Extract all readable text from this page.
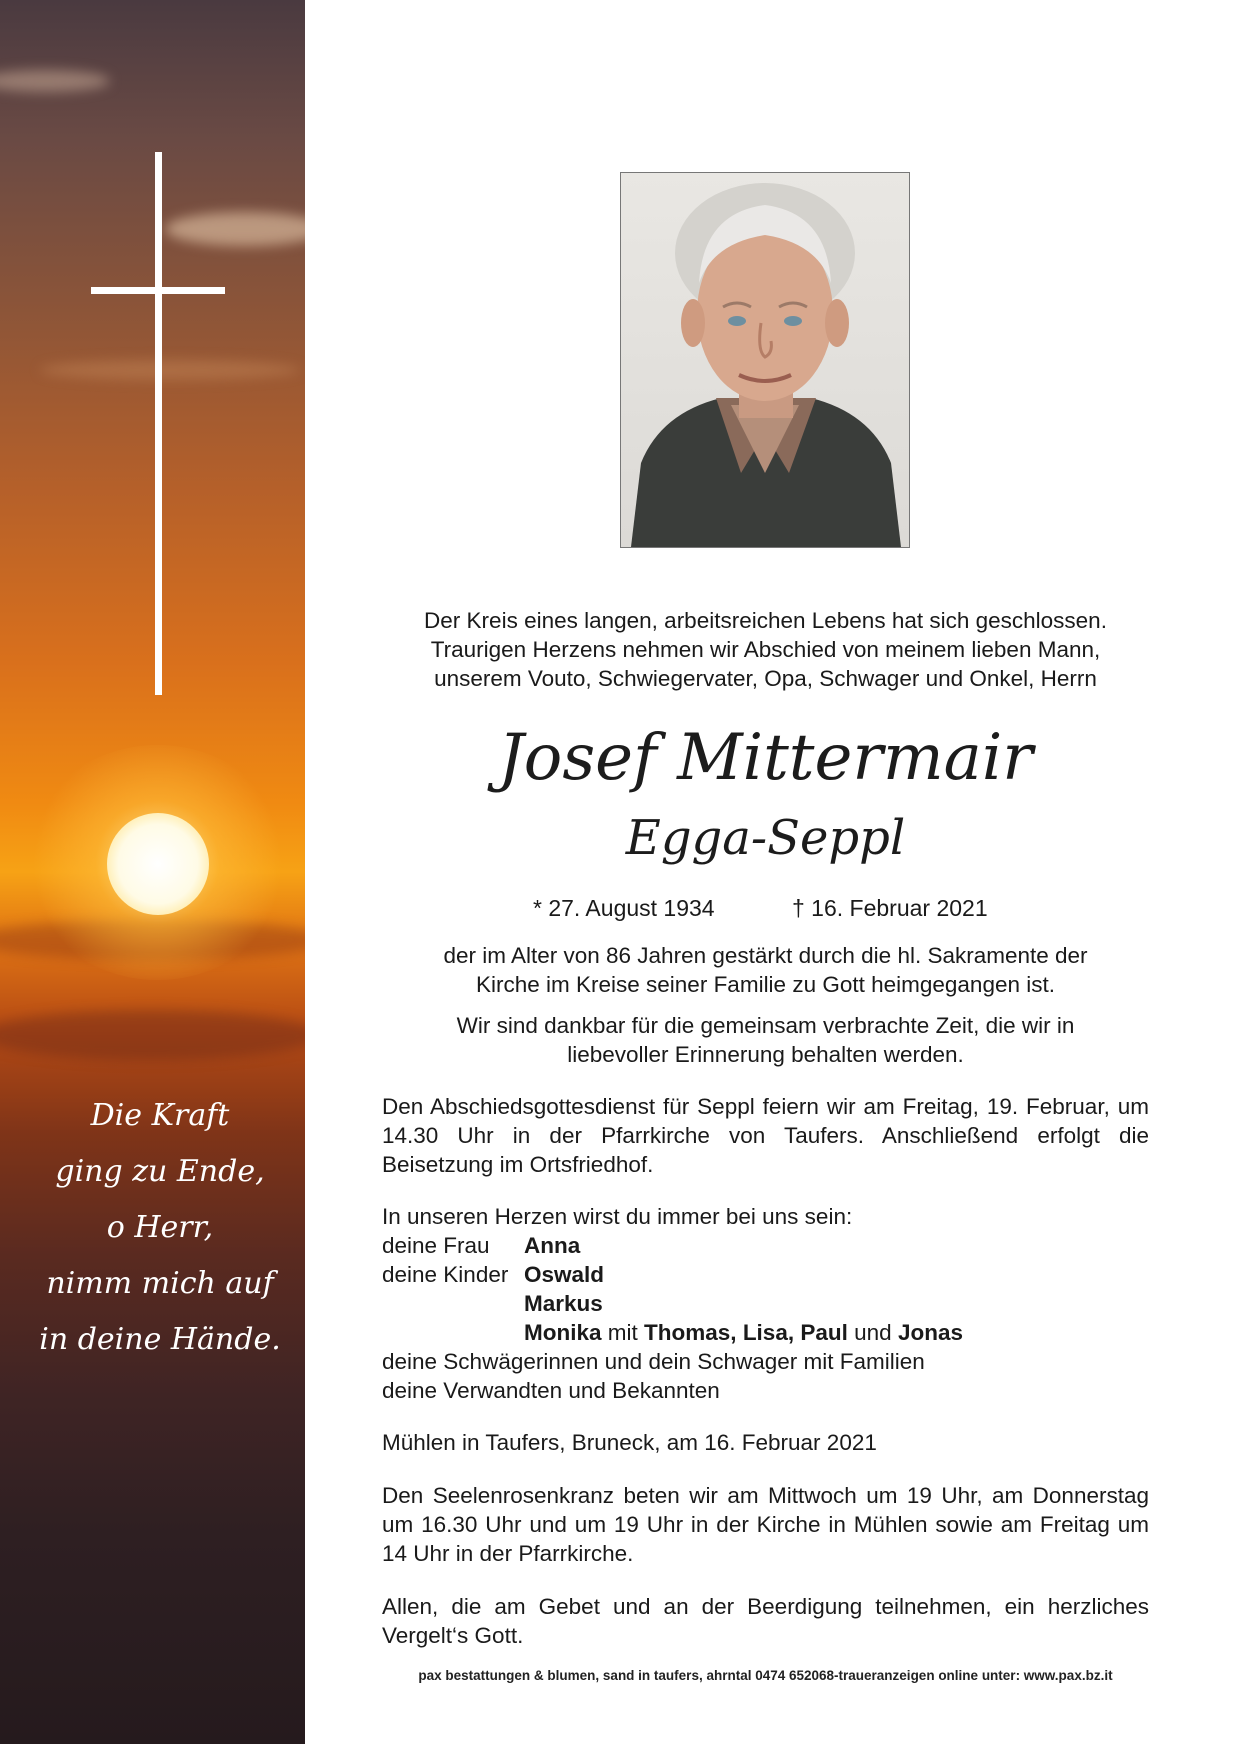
Die Kraft
ging zu Ende,
o Herr,
nimm mich auf
in deine Hände.
Der Kreis eines langen, arbeitsreichen Lebens hat sich geschlossen.
Traurigen Herzens nehmen wir Abschied von meinem lieben Mann,
unserem Vouto, Schwiegervater, Opa, Schwager und Onkel, Herrn
Josef Mittermair
Egga-Seppl
* 27. August 1934	† 16. Februar 2021
der im Alter von 86 Jahren gestärkt durch die hl. Sakramente der
Kirche im Kreise seiner Familie zu Gott heimgegangen ist.
Wir sind dankbar für die gemeinsam verbrachte Zeit, die wir in
liebevoller Erinnerung behalten werden.
Den Abschiedsgottesdienst für Seppl feiern wir am Freitag, 19. Februar, um 14.30 Uhr in der Pfarrkirche von Taufers. Anschließend erfolgt die Beisetzung im Ortsfriedhof.
In unseren Herzen wirst du immer bei uns sein:
deine Frau	Anna
deine Kinder Oswald
Markus
Monika
mit
Thomas, Lisa, Paul
und
Jonas
deine Schwägerinnen und dein Schwager mit Familien
deine Verwandten und Bekannten
Mühlen in Taufers, Bruneck, am 16. Februar 2021
Den Seelenrosenkranz beten wir am Mittwoch um 19 Uhr, am Donnerstag um 16.30 Uhr und um 19 Uhr in der Kirche in Mühlen sowie am Freitag um 14 Uhr in der Pfarrkirche.
Allen, die am Gebet und an der Beerdigung teilnehmen, ein herzliches Vergelt‘s Gott.
pax bestattungen & blumen, sand in taufers, ahrntal 0474 652068-traueranzeigen online unter: www.pax.bz.it
